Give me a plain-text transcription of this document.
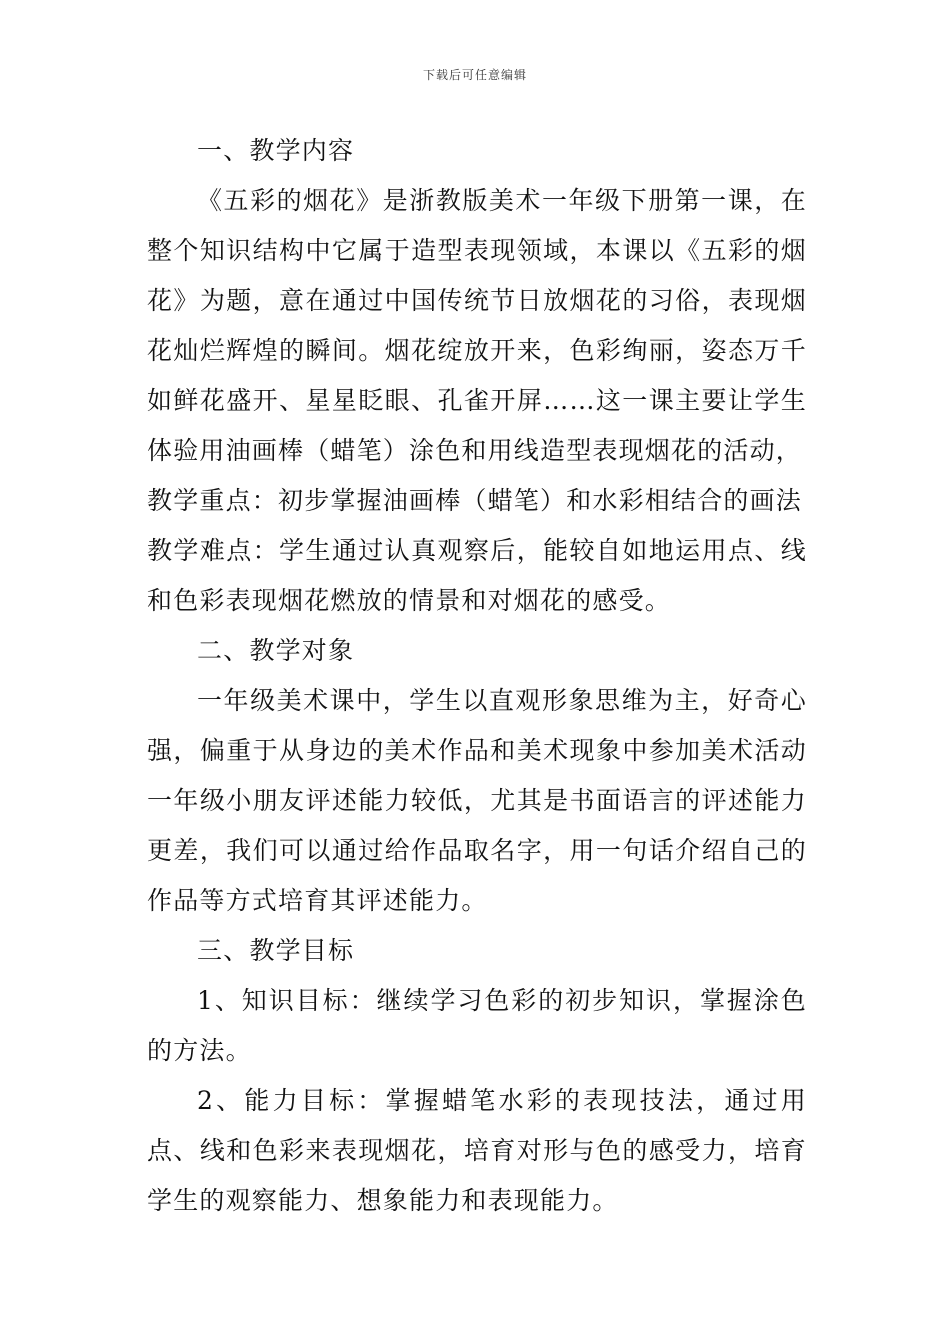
下载后可任意编辑

一、教学内容

《五彩的烟花》是浙教版美术一年级下册第一课，在整个知识结构中它属于造型表现领域，本课以《五彩的烟花》为题，意在通过中国传统节日放烟花的习俗，表现烟花灿烂辉煌的瞬间。烟花绽放开来，色彩绚丽，姿态万千如鲜花盛开、星星眨眼、孔雀开屏……这一课主要让学生体验用油画棒（蜡笔）涂色和用线造型表现烟花的活动，

教学重点：初步掌握油画棒（蜡笔）和水彩相结合的画法

教学难点：学生通过认真观察后，能较自如地运用点、线和色彩表现烟花燃放的情景和对烟花的感受。

二、教学对象

一年级美术课中，学生以直观形象思维为主，好奇心强，偏重于从身边的美术作品和美术现象中参加美术活动一年级小朋友评述能力较低，尤其是书面语言的评述能力更差，我们可以通过给作品取名字，用一句话介绍自己的作品等方式培育其评述能力。

三、教学目标

1、知识目标：继续学习色彩的初步知识，掌握涂色的方法。

2、能力目标：掌握蜡笔水彩的表现技法，通过用点、线和色彩来表现烟花，培育对形与色的感受力，培育学生的观察能力、想象能力和表现能力。
